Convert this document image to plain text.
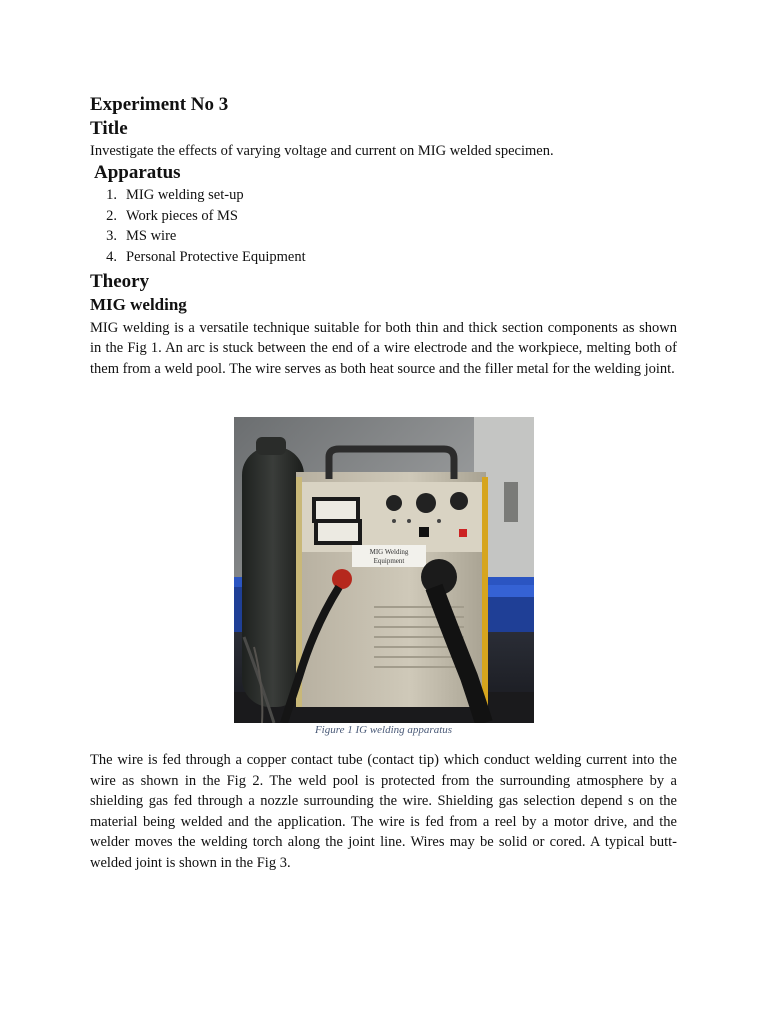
Experiment No 3
Title

Investigate the effects of varying voltage and current on MIG welded specimen.

Apparatus
1. MIG welding set-up
2. Work pieces of MS
3. MS wire
4. Personal Protective Equipment
Theory
MIG welding

MIG welding is a versatile technique suitable for both thin and thick section components as shown in the Fig 1. An arc is stuck between the end of a wire electrode and the workpiece, melting both of them from a weld pool. The wire serves as both heat source and the filler metal for the welding joint.

MIG Welding
Equipment
Figure 1 IG welding apparatus

The wire is fed through a copper contact tube (contact tip) which conduct welding current into the wire as shown in the Fig 2. The weld pool is protected from the surrounding atmosphere by a shielding gas fed through a nozzle surrounding the wire. Shielding gas selection depend s on the material being welded and the application. The wire is fed from a reel by a motor drive, and the welder moves the welding torch along the joint line. Wires may be solid or cored. A typical butt-welded joint is shown in the Fig 3.
